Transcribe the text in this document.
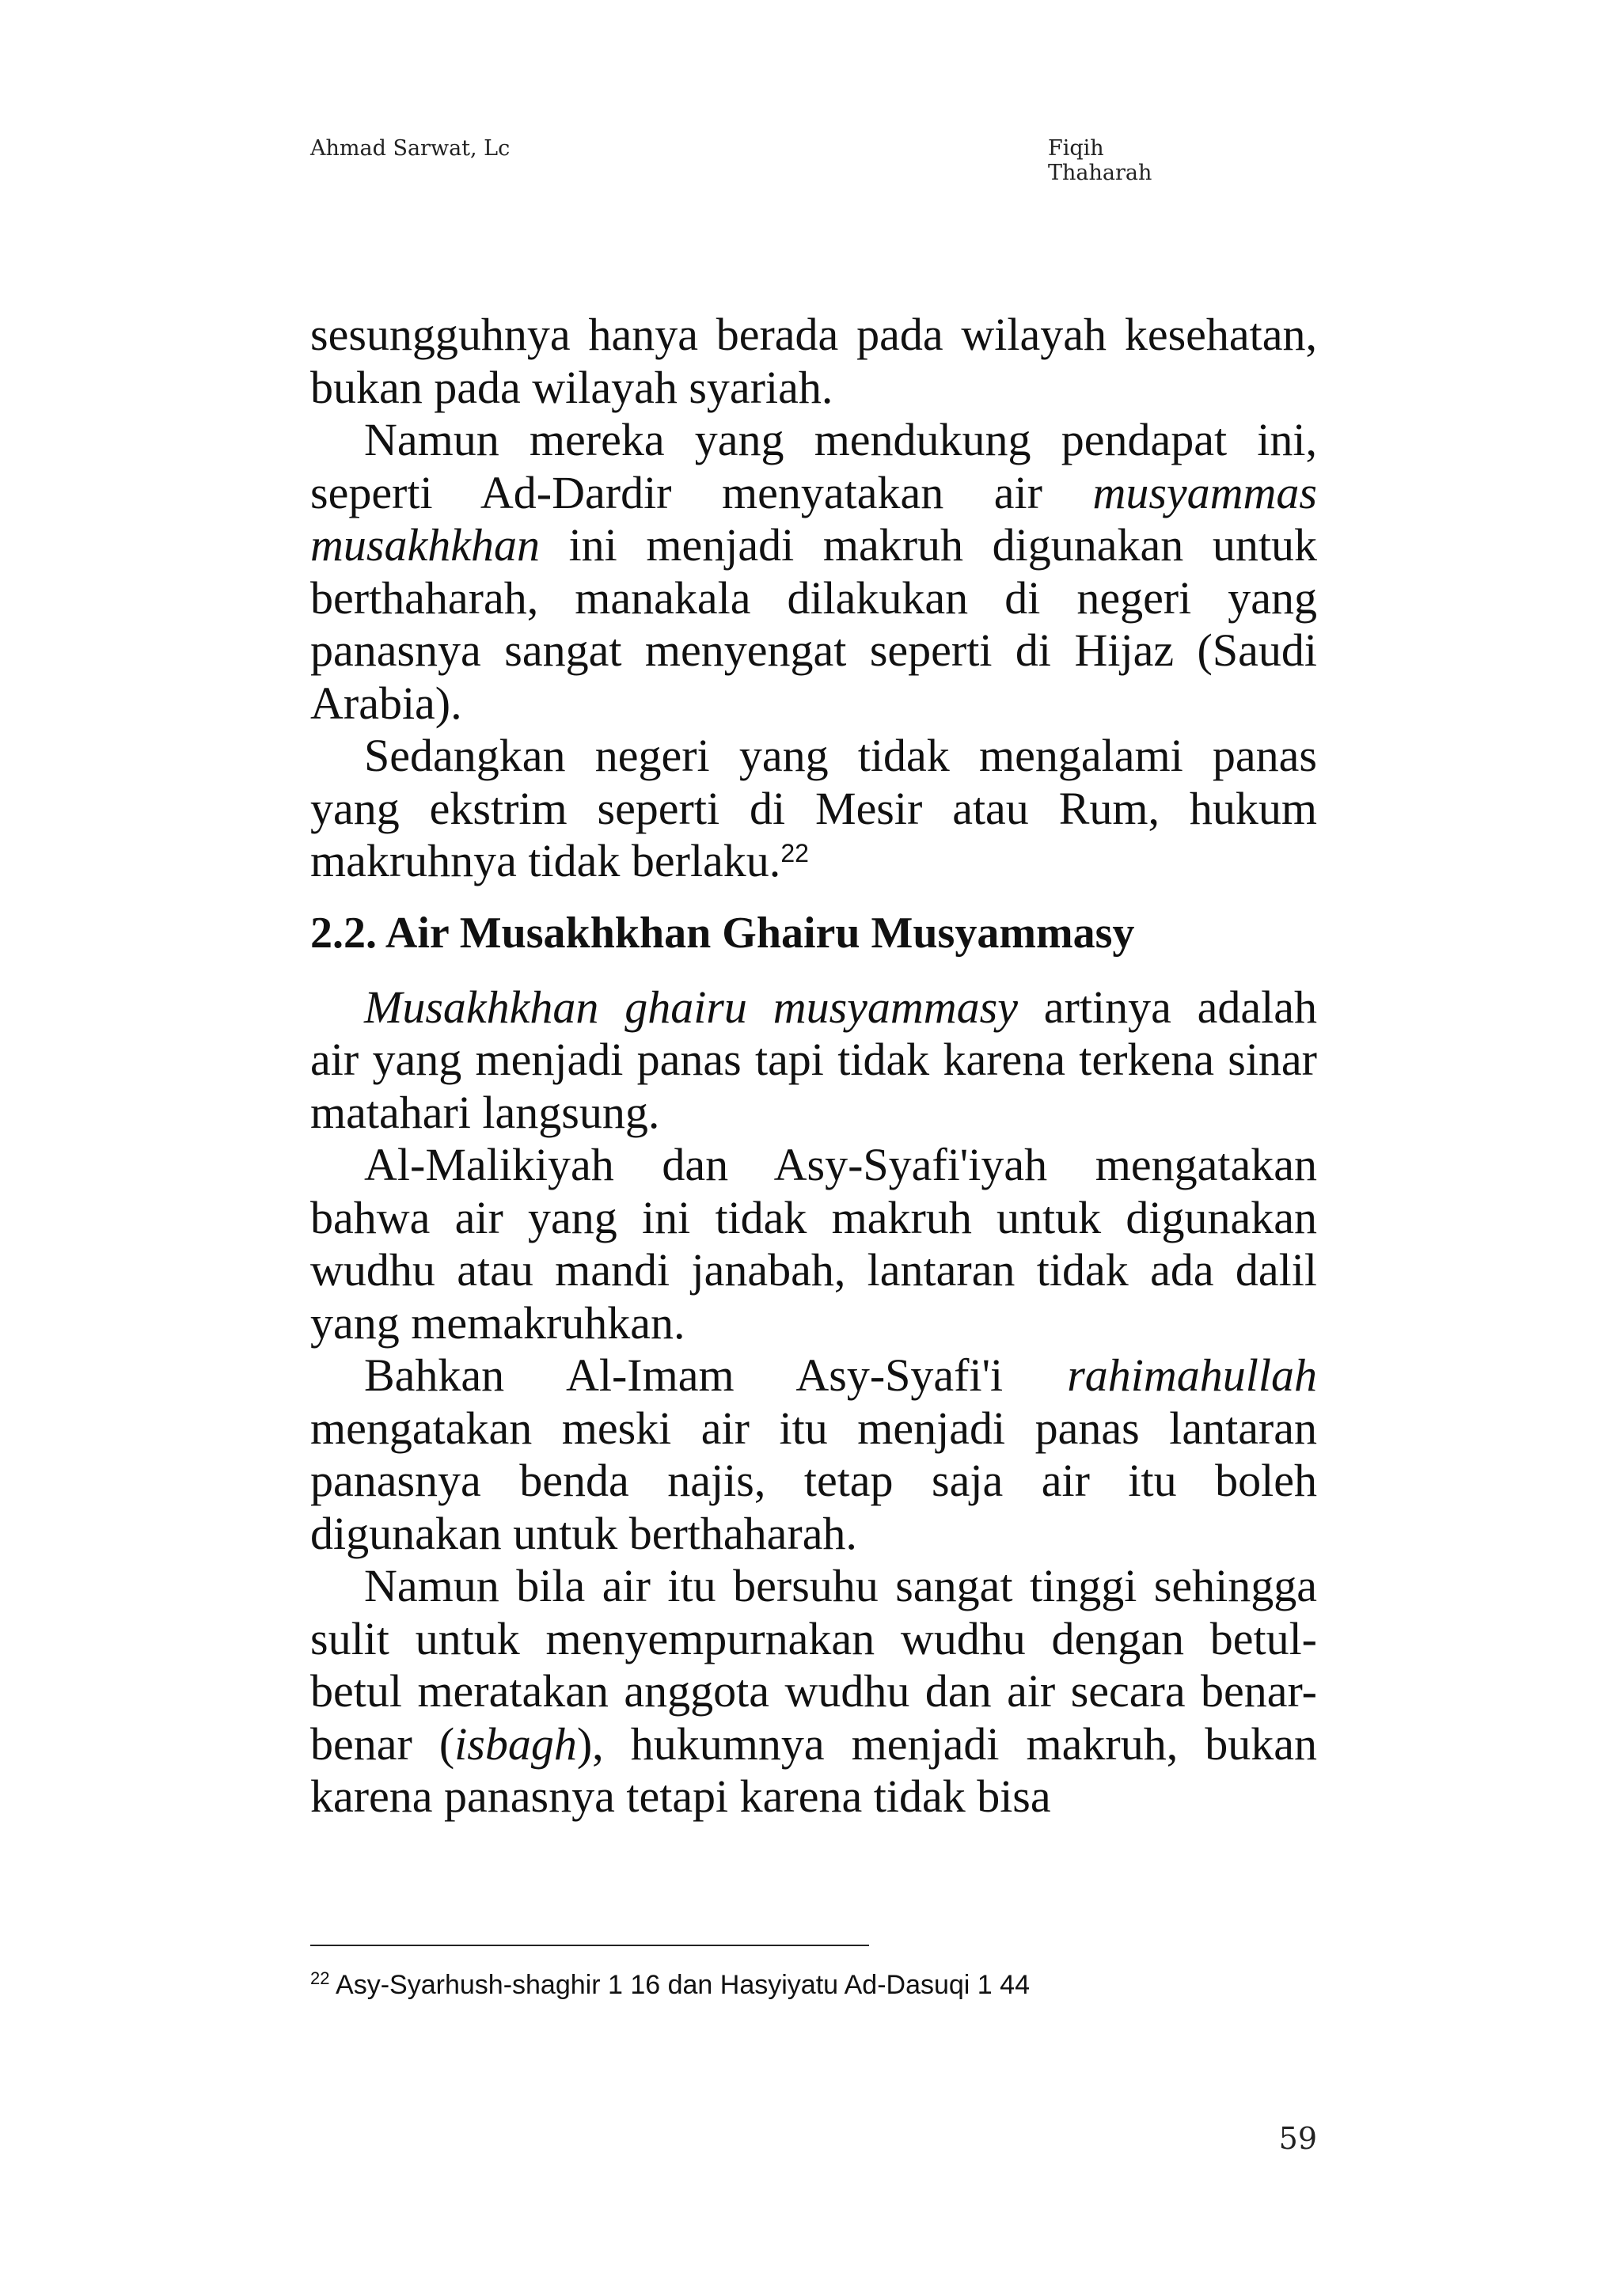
Ahmad Sarwat, Lc	Fiqih Thaharah

sesungguhnya hanya berada pada wilayah kesehatan, bukan pada wilayah syariah.

Namun mereka yang mendukung pendapat ini, seperti Ad-Dardir menyatakan air musyammas musakhkhan ini menjadi makruh digunakan untuk berthaharah, manakala dilakukan di negeri yang panasnya sangat menyengat seperti di Hijaz (Saudi Arabia).

Sedangkan negeri yang tidak mengalami panas yang ekstrim seperti di Mesir atau Rum, hukum makruhnya tidak berlaku.$^{22}$

2.2. Air Musakhkhan Ghairu Musyammasy

Musakhkhan ghairu musyammasy artinya adalah air yang menjadi panas tapi tidak karena terkena sinar matahari langsung.

Al-Malikiyah dan Asy-Syafi'iyah mengatakan bahwa air yang ini tidak makruh untuk digunakan wudhu atau mandi janabah, lantaran tidak ada dalil yang memakruhkan.

Bahkan Al-Imam Asy-Syafi'i rahimahullah mengatakan meski air itu menjadi panas lantaran panasnya benda najis, tetap saja air itu boleh digunakan untuk berthaharah.

Namun bila air itu bersuhu sangat tinggi sehingga sulit untuk menyempurnakan wudhu dengan betul-betul meratakan anggota wudhu dan air secara benar-benar (isbagh), hukumnya menjadi makruh, bukan karena panasnya tetapi karena tidak bisa

$^{22}$ Asy-Syarhush-shaghir 1 16 dan Hasyiyatu Ad-Dasuqi 1 44
59
